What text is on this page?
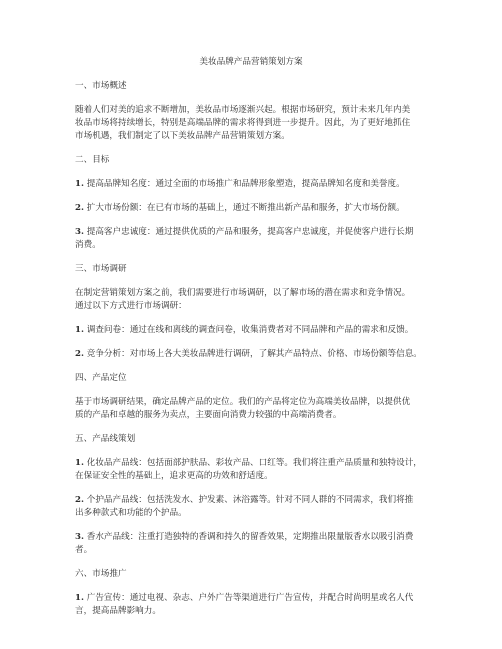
美妆品牌产品营销策划方案
一、市场概述
随着人们对美的追求不断增加，美妆品市场逐渐兴起。根据市场研究，预计未来几年内美
妆品市场将持续增长，特别是高端品牌的需求将得到进一步提升。因此，为了更好地抓住
市场机遇，我们制定了以下美妆品牌产品营销策划方案。
二、目标
1. 提高品牌知名度：通过全面的市场推广和品牌形象塑造，提高品牌知名度和美誉度。
2. 扩大市场份额：在已有市场的基础上，通过不断推出新产品和服务，扩大市场份额。
3. 提高客户忠诚度：通过提供优质的产品和服务，提高客户忠诚度，并促使客户进行长期
消费。
三、市场调研
在制定营销策划方案之前，我们需要进行市场调研，以了解市场的潜在需求和竞争情况。
通过以下方式进行市场调研：
1. 调查问卷：通过在线和离线的调查问卷，收集消费者对不同品牌和产品的需求和反馈。
2. 竞争分析：对市场上各大美妆品牌进行调研，了解其产品特点、价格、市场份额等信息。
四、产品定位
基于市场调研结果，确定品牌产品的定位。我们的产品将定位为高端美妆品牌，以提供优
质的产品和卓越的服务为卖点，主要面向消费力较强的中高端消费者。
五、产品线策划
1. 化妆品产品线：包括面部护肤品、彩妆产品、口红等。我们将注重产品质量和独特设计，
在保证安全性的基础上，追求更高的功效和舒适度。
2. 个护品产品线：包括洗发水、护发素、沐浴露等。针对不同人群的不同需求，我们将推
出多种款式和功能的个护品。
3. 香水产品线：注重打造独特的香调和持久的留香效果，定期推出限量版香水以吸引消费
者。
六、市场推广
1. 广告宣传：通过电视、杂志、户外广告等渠道进行广告宣传，并配合时尚明星或名人代
言，提高品牌影响力。
